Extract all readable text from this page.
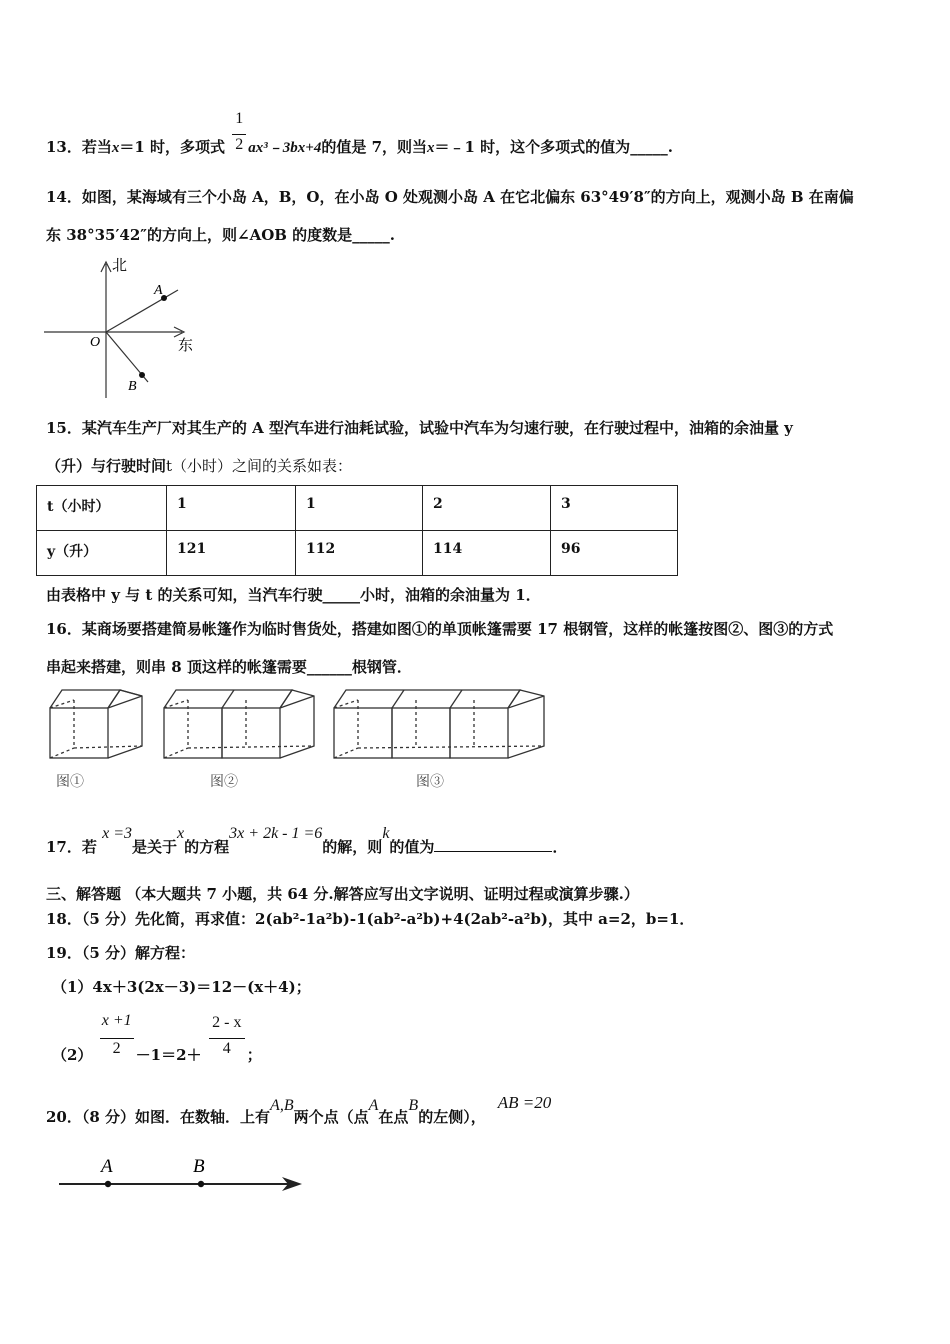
13．若当x＝1 时，多项式 $\frac{1}{2}$ ax³﹣3bx+4的值是 7，则当x＝﹣1 时，这个多项式的值为_____.
14．如图，某海域有三个小岛 A，B，O，在小岛 O 处观测小岛 A 在它北偏东 63°49′8″的方向上，观测小岛 B 在南偏
东 38°35′42″的方向上，则∠AOB 的度数是_____.
北
东
O
A
B
15．某汽车生产厂对其生产的 A 型汽车进行油耗试验，试验中汽车为匀速行驶，在行驶过程中，油箱的余油量 y
（升）与行驶时间t（小时）之间的关系如表：
t（小时）	1	1	2	3
y（升）	121	112	114	96
由表格中 y 与 t 的关系可知，当汽车行驶_____小时，油箱的余油量为 1．
16．某商场要搭建简易帐篷作为临时售货处，搭建如图①的单顶帐篷需要 17 根钢管，这样的帐篷按图②、图③的方式
串起来搭建，则串 8 顶这样的帐篷需要______根钢管．
图①	图②	图③
17．若 x =3是关于x的方程3x + 2k - 1 =6的解，则k的值为	．
三、解答题 （本大题共 7 小题，共 64 分.解答应写出文字说明、证明过程或演算步骤.）
18．（5 分）先化简，再求值：2(ab²-1a²b)-1(ab²-a²b)+4(2ab²-a²b)，其中 a=2，b=1．
19．（5 分）解方程：
（1）4x＋3(2x－3)＝12－(x＋4)；
$(2) \frac{x +1}{2} -1=2+ \frac{2 - x}{4}$ ；
20．（8 分）如图．在数轴．上有A,B两个点（点A在点B的左侧），AB =20
A	B
